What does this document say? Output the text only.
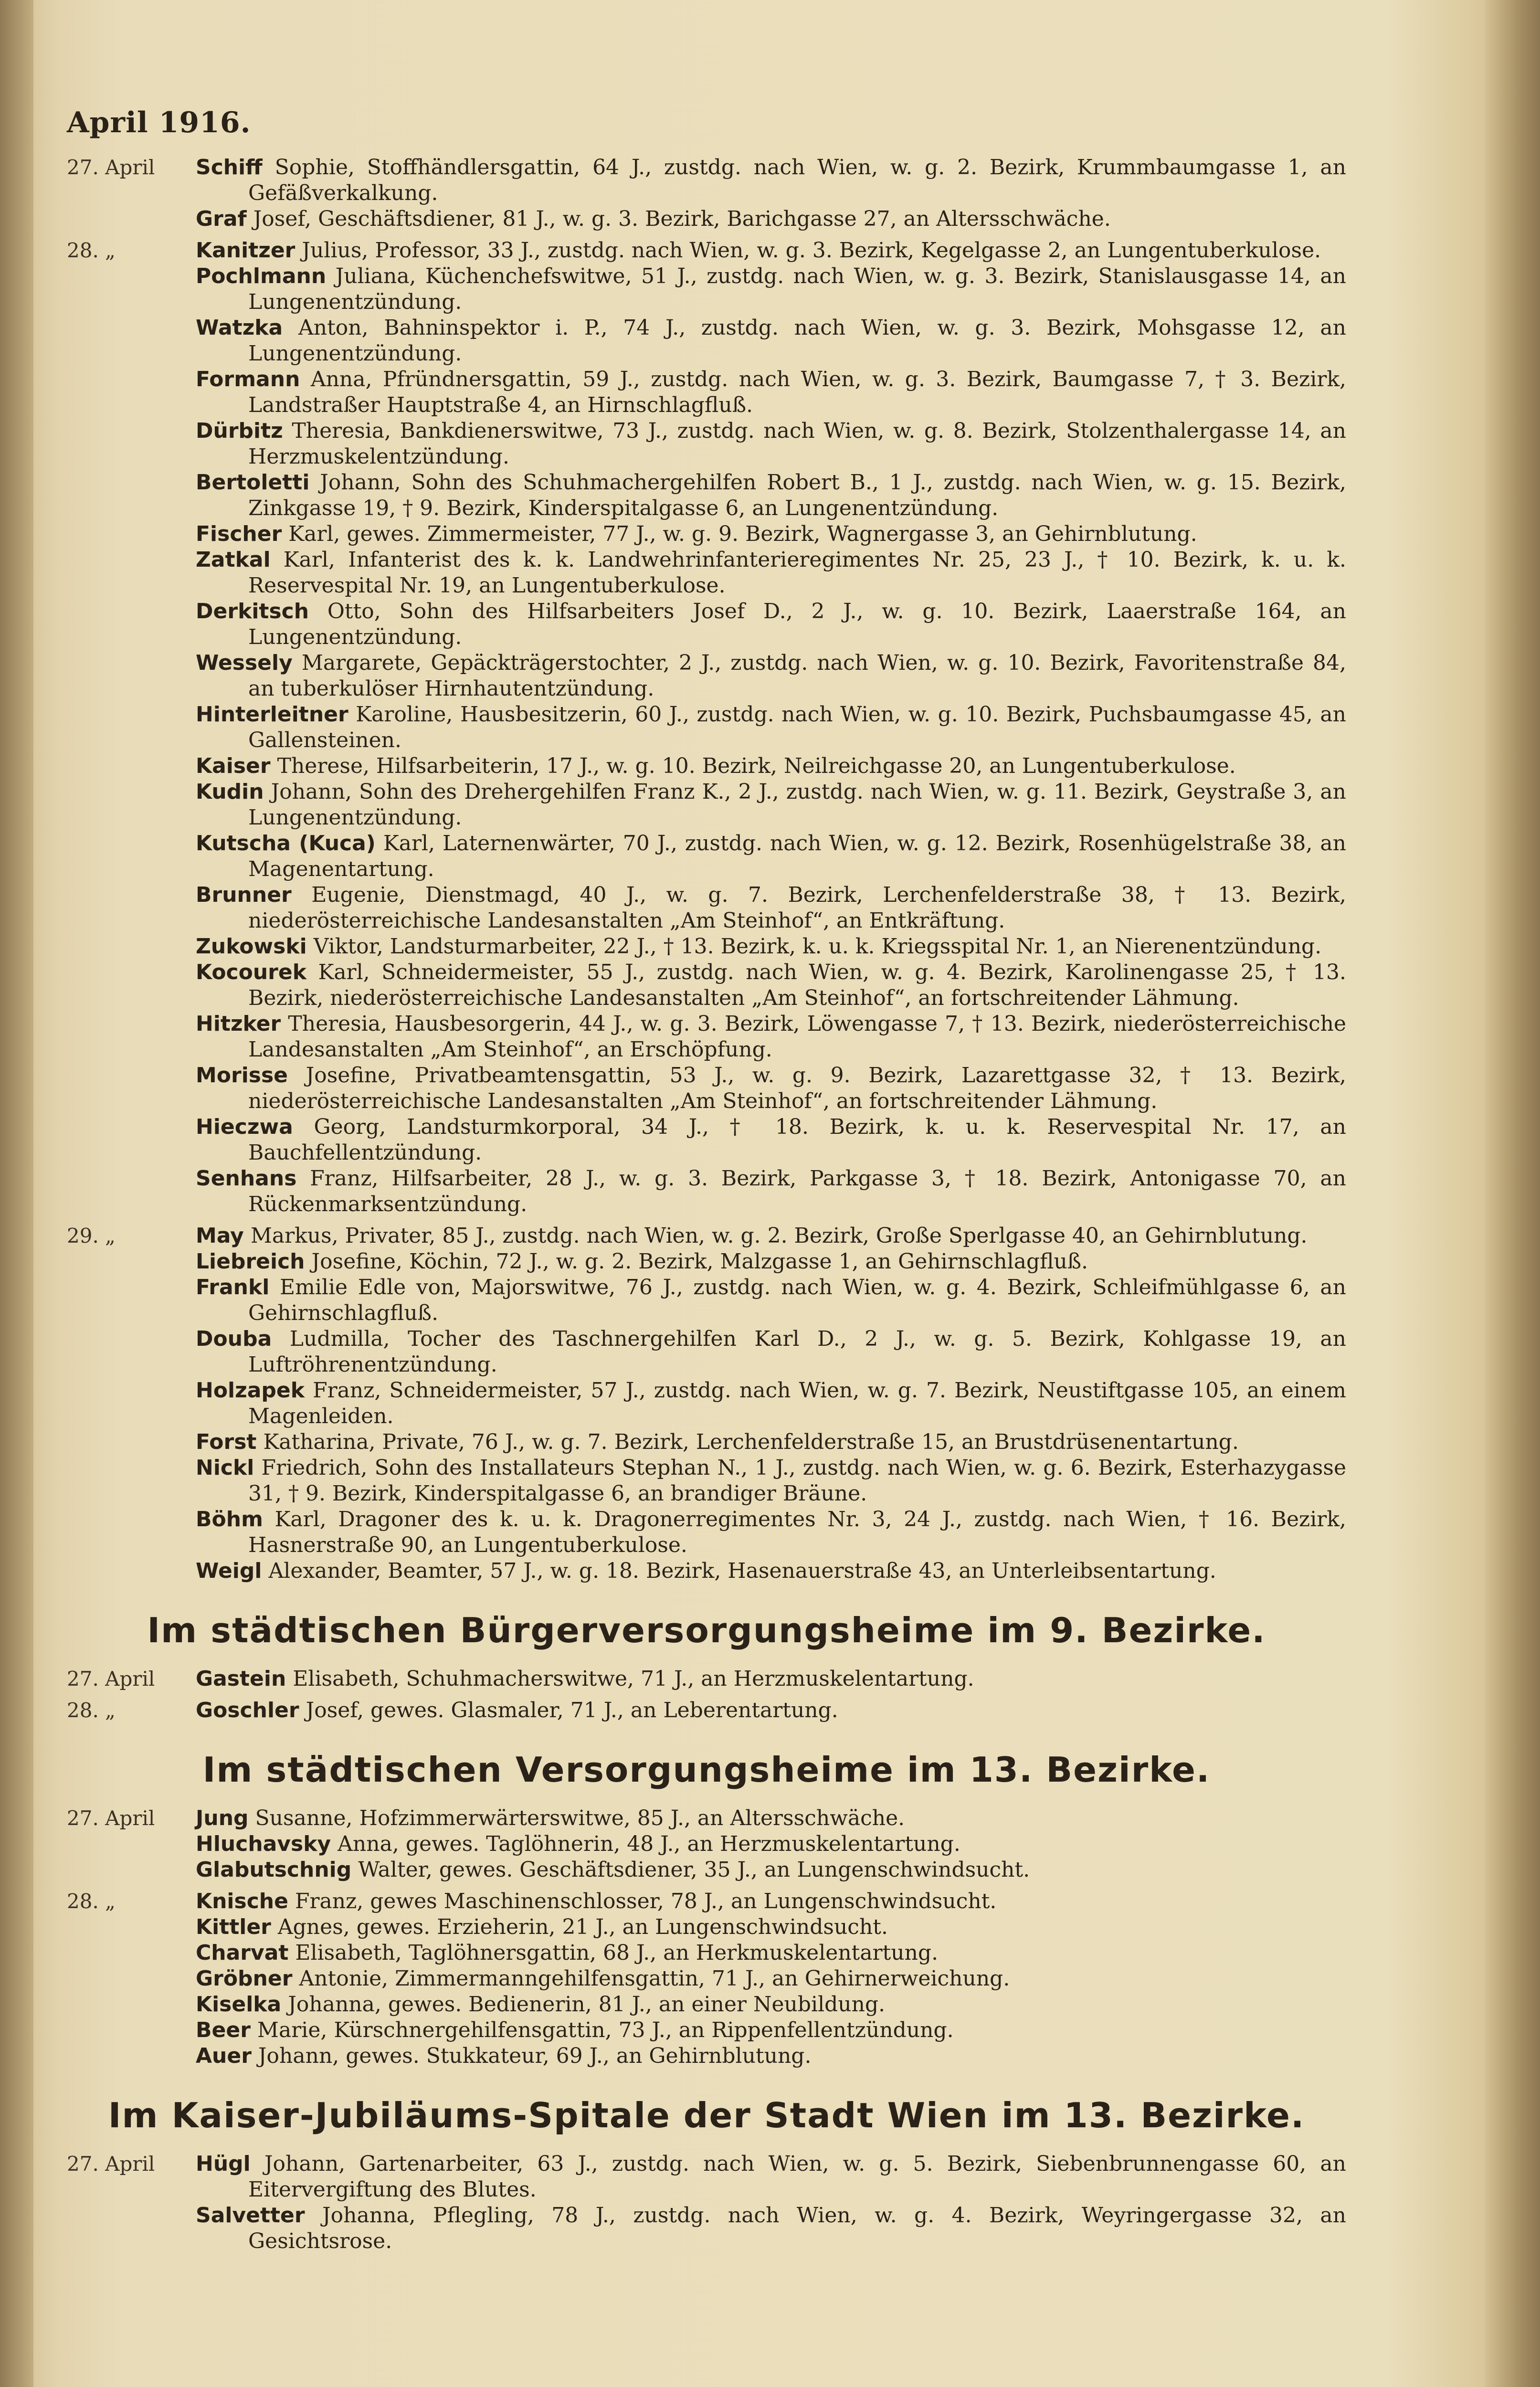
April 1916.
27. April	Schiff Sophie, Stoffhändlersgattin, 64 J., zustdg. nach Wien, w. g. 2. Bezirk, Krummbaumgasse 1, an Gefäßverkalkung.
Graf Josef, Geschäftsdiener, 81 J., w. g. 3. Bezirk, Barichgasse 27, an Altersschwäche.
28. „	Kanitzer Julius, Professor, 33 J., zustdg. nach Wien, w. g. 3. Bezirk, Kegelgasse 2, an Lungentuberkulose.
Pochlmann Juliana, Küchenchefswitwe, 51 J., zustdg. nach Wien, w. g. 3. Bezirk, Stanislausgasse 14, an Lungenentzündung.
Watzka Anton, Bahninspektor i. P., 74 J., zustdg. nach Wien, w. g. 3. Bezirk, Mohsgasse 12, an Lungenentzündung.
Formann Anna, Pfründnersgattin, 59 J., zustdg. nach Wien, w. g. 3. Bezirk, Baumgasse 7, † 3. Bezirk, Landstraßer Hauptstraße 4, an Hirnschlagfluß.
Dürbitz Theresia, Bankdienerswitwe, 73 J., zustdg. nach Wien, w. g. 8. Bezirk, Stolzenthalergasse 14, an Herzmuskelentzündung.
Bertoletti Johann, Sohn des Schuhmachergehilfen Robert B., 1 J., zustdg. nach Wien, w. g. 15. Bezirk, Zinkgasse 19, † 9. Bezirk, Kinderspitalgasse 6, an Lungenentzündung.
Fischer Karl, gewes. Zimmermeister, 77 J., w. g. 9. Bezirk, Wagnergasse 3, an Gehirnblutung.
Zatkal Karl, Infanterist des k. k. Landwehrinfanterieregimentes Nr. 25, 23 J., † 10. Bezirk, k. u. k. Reservespital Nr. 19, an Lungentuberkulose.
Derkitsch Otto, Sohn des Hilfsarbeiters Josef D., 2 J., w. g. 10. Bezirk, Laaerstraße 164, an Lungenentzündung.
Wessely Margarete, Gepäckträgerstochter, 2 J., zustdg. nach Wien, w. g. 10. Bezirk, Favoritenstraße 84, an tuberkulöser Hirnhautentzündung.
Hinterleitner Karoline, Hausbesitzerin, 60 J., zustdg. nach Wien, w. g. 10. Bezirk, Puchsbaumgasse 45, an Gallensteinen.
Kaiser Therese, Hilfsarbeiterin, 17 J., w. g. 10. Bezirk, Neilreichgasse 20, an Lungentuberkulose.
Kudin Johann, Sohn des Drehergehilfen Franz K., 2 J., zustdg. nach Wien, w. g. 11. Bezirk, Geystraße 3, an Lungenentzündung.
Kutscha (Kuca) Karl, Laternenwärter, 70 J., zustdg. nach Wien, w. g. 12. Bezirk, Rosenhügelstraße 38, an Magenentartung.
Brunner Eugenie, Dienstmagd, 40 J., w. g. 7. Bezirk, Lerchenfelderstraße 38, † 13. Bezirk, niederösterreichische Landesanstalten „Am Steinhof“, an Entkräftung.
Zukowski Viktor, Landsturmarbeiter, 22 J., † 13. Bezirk, k. u. k. Kriegsspital Nr. 1, an Nierenentzündung.
Kocourek Karl, Schneidermeister, 55 J., zustdg. nach Wien, w. g. 4. Bezirk, Karolinengasse 25, † 13. Bezirk, niederösterreichische Landesanstalten „Am Steinhof“, an fortschreitender Lähmung.
Hitzker Theresia, Hausbesorgerin, 44 J., w. g. 3. Bezirk, Löwengasse 7, † 13. Bezirk, niederösterreichische Landesanstalten „Am Steinhof“, an Erschöpfung.
Morisse Josefine, Privatbeamtensgattin, 53 J., w. g. 9. Bezirk, Lazarettgasse 32, † 13. Bezirk, niederösterreichische Landesanstalten „Am Steinhof“, an fortschreitender Lähmung.
Hieczwa Georg, Landsturmkorporal, 34 J., † 18. Bezirk, k. u. k. Reservespital Nr. 17, an Bauchfellentzündung.
Senhans Franz, Hilfsarbeiter, 28 J., w. g. 3. Bezirk, Parkgasse 3, † 18. Bezirk, Antonigasse 70, an Rückenmarksentzündung.
29. „	May Markus, Privater, 85 J., zustdg. nach Wien, w. g. 2. Bezirk, Große Sperlgasse 40, an Gehirnblutung.
Liebreich Josefine, Köchin, 72 J., w. g. 2. Bezirk, Malzgasse 1, an Gehirnschlagfluß.
Frankl Emilie Edle von, Majorswitwe, 76 J., zustdg. nach Wien, w. g. 4. Bezirk, Schleifmühlgasse 6, an Gehirnschlagfluß.
Douba Ludmilla, Tocher des Taschnergehilfen Karl D., 2 J., w. g. 5. Bezirk, Kohlgasse 19, an Luftröhrenentzündung.
Holzapek Franz, Schneidermeister, 57 J., zustdg. nach Wien, w. g. 7. Bezirk, Neustiftgasse 105, an einem Magenleiden.
Forst Katharina, Private, 76 J., w. g. 7. Bezirk, Lerchenfelderstraße 15, an Brustdrüsenentartung.
Nickl Friedrich, Sohn des Installateurs Stephan N., 1 J., zustdg. nach Wien, w. g. 6. Bezirk, Esterhazygasse 31, † 9. Bezirk, Kinderspitalgasse 6, an brandiger Bräune.
Böhm Karl, Dragoner des k. u. k. Dragonerregimentes Nr. 3, 24 J., zustdg. nach Wien, † 16. Bezirk, Hasnerstraße 90, an Lungentuberkulose.
Weigl Alexander, Beamter, 57 J., w. g. 18. Bezirk, Hasenauerstraße 43, an Unterleibsentartung.
Im städtischen Bürgerversorgungsheime im 9. Bezirke.
27. April	Gastein Elisabeth, Schuhmacherswitwe, 71 J., an Herzmuskelentartung.
28. „	Goschler Josef, gewes. Glasmaler, 71 J., an Leberentartung.
Im städtischen Versorgungsheime im 13. Bezirke.
27. April	Jung Susanne, Hofzimmerwärterswitwe, 85 J., an Altersschwäche.
Hluchavsky Anna, gewes. Taglöhnerin, 48 J., an Herzmuskelentartung.
Glabutschnig Walter, gewes. Geschäftsdiener, 35 J., an Lungenschwindsucht.
28. „	Knische Franz, gewes Maschinenschlosser, 78 J., an Lungenschwindsucht.
Kittler Agnes, gewes. Erzieherin, 21 J., an Lungenschwindsucht.
Charvat Elisabeth, Taglöhnersgattin, 68 J., an Herkmuskelentartung.
Gröbner Antonie, Zimmermanngehilfensgattin, 71 J., an Gehirnerweichung.
Kiselka Johanna, gewes. Bedienerin, 81 J., an einer Neubildung.
Beer Marie, Kürschnergehilfensgattin, 73 J., an Rippenfellentzündung.
Auer Johann, gewes. Stukkateur, 69 J., an Gehirnblutung.
Im Kaiser-Jubiläums-Spitale der Stadt Wien im 13. Bezirke.
27. April	Hügl Johann, Gartenarbeiter, 63 J., zustdg. nach Wien, w. g. 5. Bezirk, Siebenbrunnengasse 60, an Eitervergiftung des Blutes.
Salvetter Johanna, Pflegling, 78 J., zustdg. nach Wien, w. g. 4. Bezirk, Weyringergasse 32, an Gesichtsrose.
